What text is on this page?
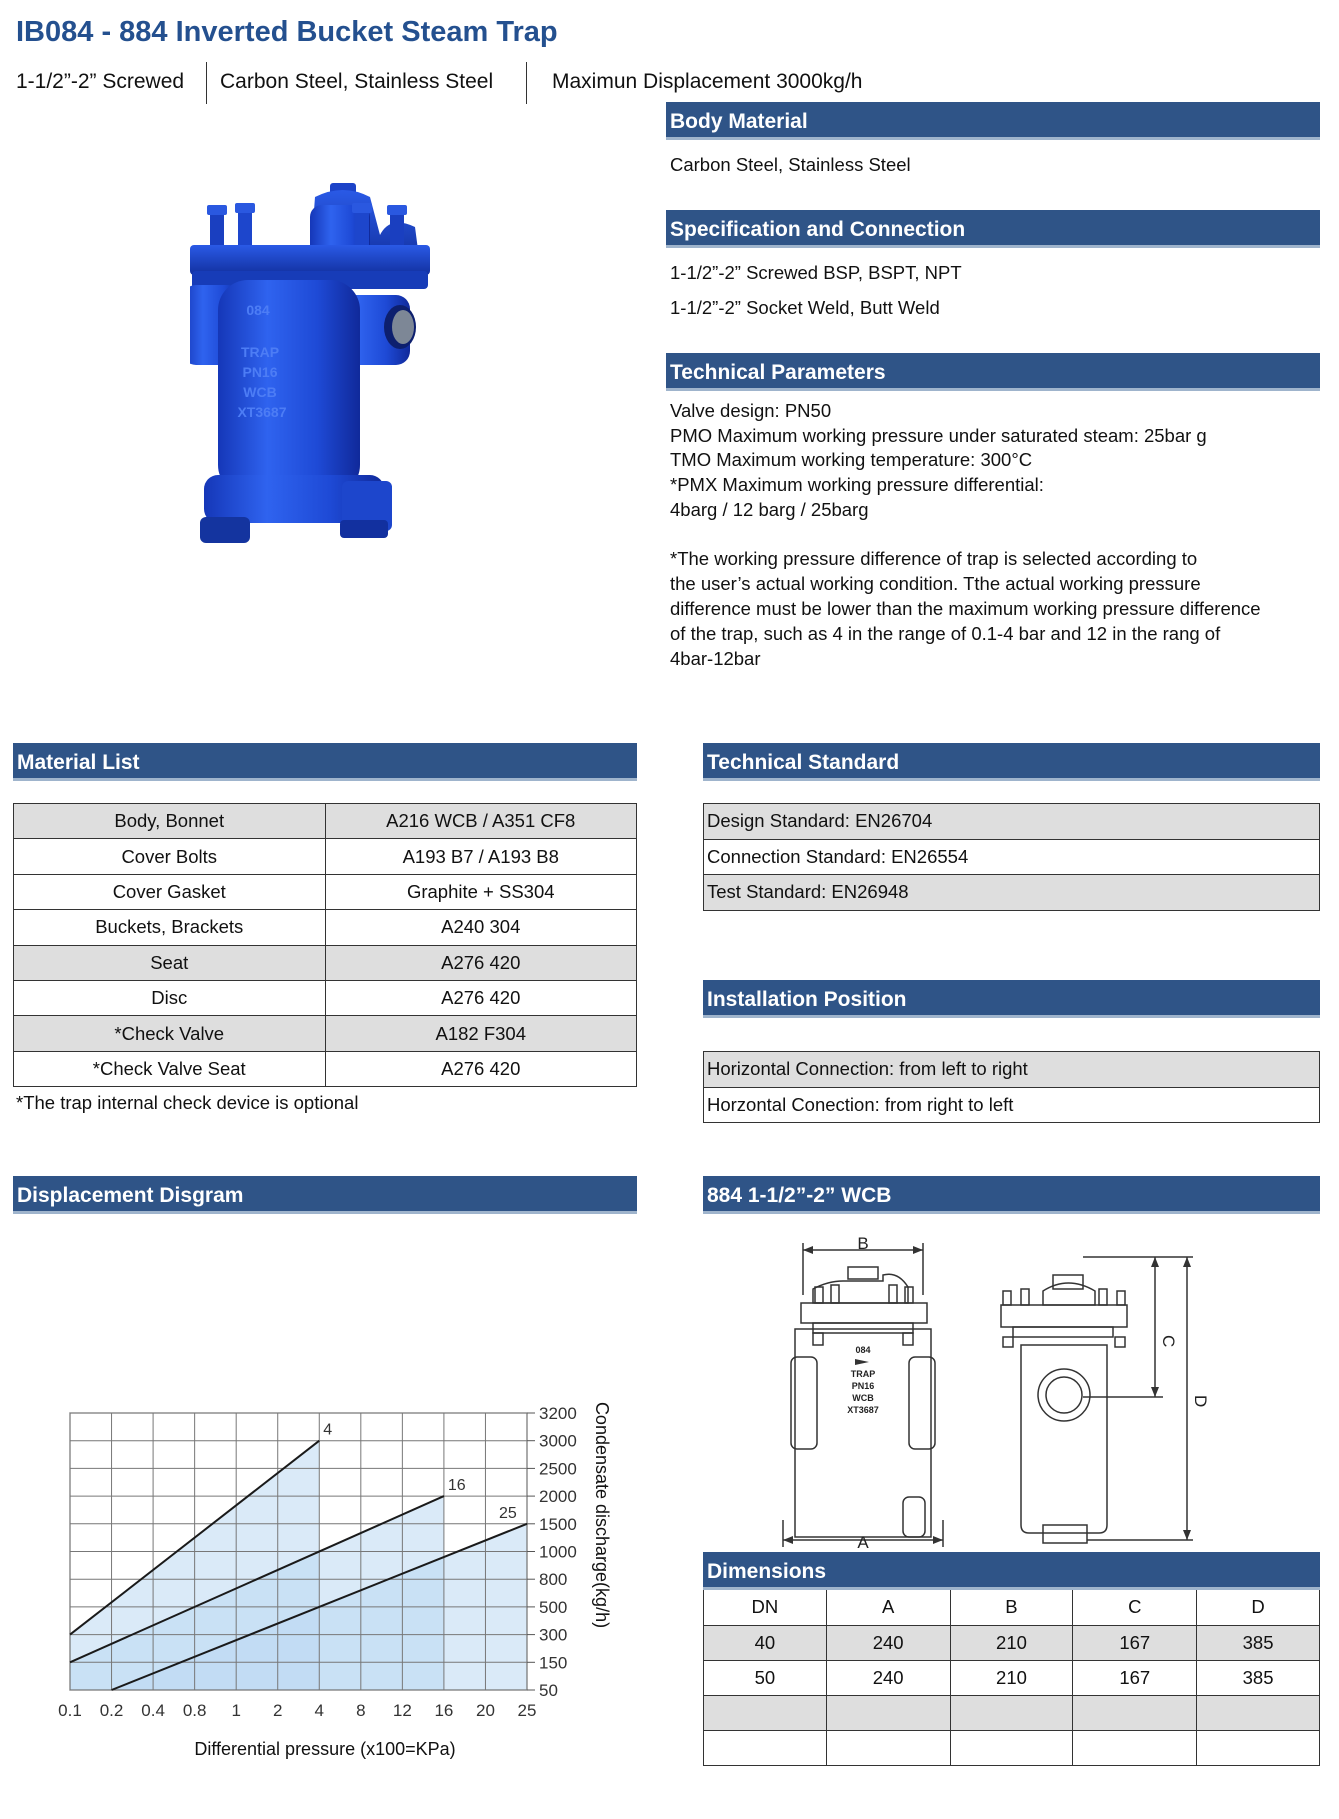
IB084 - 884 Inverted Bucket Steam Trap
1-1/2”-2” Screwed Carbon Steel, Stainless Steel	Maximun Displacement 3000kg/h
084
TRAP
PN16
WCB
XT3687
Body Material
Carbon Steel, Stainless Steel
Specification and Connection
1-1/2”-2” Screwed BSP, BSPT, NPT
1-1/2”-2” Socket Weld, Butt Weld
Technical Parameters
Valve design: PN50
PMO Maximum working pressure under saturated steam: 25bar g
TMO Maximum working temperature: 300°C
*PMX Maximum working pressure differential:
4barg / 12 barg / 25barg
*The working pressure difference of trap is selected according to
the user’s actual working condition. Tthe actual working pressure
difference must be lower than the maximum working pressure difference
of the trap, such as 4 in the range of 0.1-4 bar and 12 in the rang of
4bar-12bar
Material List
Body, Bonnet	A216 WCB / A351 CF8
Cover Bolts	A193 B7 / A193 B8
Cover Gasket	Graphite + SS304
Buckets, Brackets	A240 304
Seat	A276 420
Disc	A276 420
*Check Valve	A182 F304
*Check Valve Seat	A276 420
*The trap internal check device is optional
Technical Standard
Design Standard: EN26704
Connection Standard: EN26554
Test Standard: EN26948
Installation Position
Horizontal Connection: from left to right
Horzontal Conection: from right to left
Displacement Disgram
0.1 0.2 0.4 0.8 1 2 4 8 12 16 20 25
3200
3000
2500
2000
1500
1000
800
500
300
150
50
4
16
25
Differential pressure (x100=KPa)
Condensate discharge(kg/h)
884 1-1/2”-2” WCB
B
A
C
D
084
TRAP
PN16
WCB
XT3687
Dimensions
DN	A	B	C	D
40	240	210	167	385
50	240	210	167	385
